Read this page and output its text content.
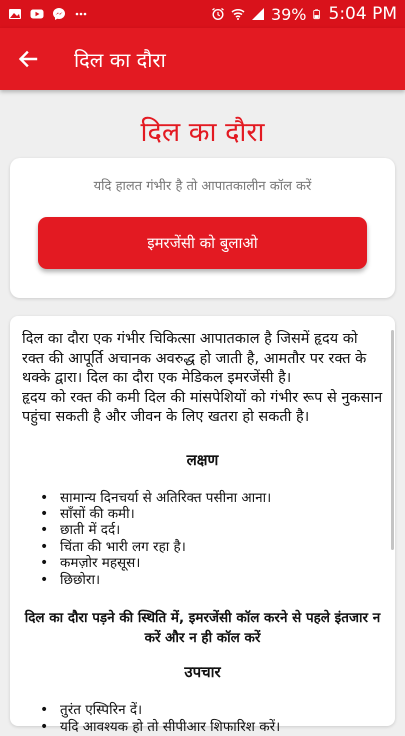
39% 5:04 PM
दिल का दौरा
दिल का दौरा
यदि हालत गंभीर है तो आपातकालीन कॉल करें
इमरजेंसी को बुलाओ
दिल का दौरा एक गंभीर चिकित्सा आपातकाल है जिसमें हृदय को रक्त की आपूर्ति अचानक अवरुद्ध हो जाती है, आमतौर पर रक्त के थक्के द्वारा। दिल का दौरा एक मेडिकल इमरजेंसी है।
हृदय को रक्त की कमी दिल की मांसपेशियों को गंभीर रूप से नुकसान पहुंचा सकती है और जीवन के लिए खतरा हो सकती है।
लक्षण
• सामान्य दिनचर्या से अतिरिक्त पसीना आना।
• साँसों की कमी।
• छाती में दर्द।
• चिंता की भारी लग रहा है।
• कमज़ोर महसूस।
• छिछोरा।
दिल का दौरा पड़ने की स्थिति में, इमरजेंसी कॉल करने से पहले इंतजार न करें और न ही कॉल करें
उपचार
• तुरंत एस्पिरिन दें।
• यदि आवश्यक हो तो सीपीआर शिफारिश करें।
